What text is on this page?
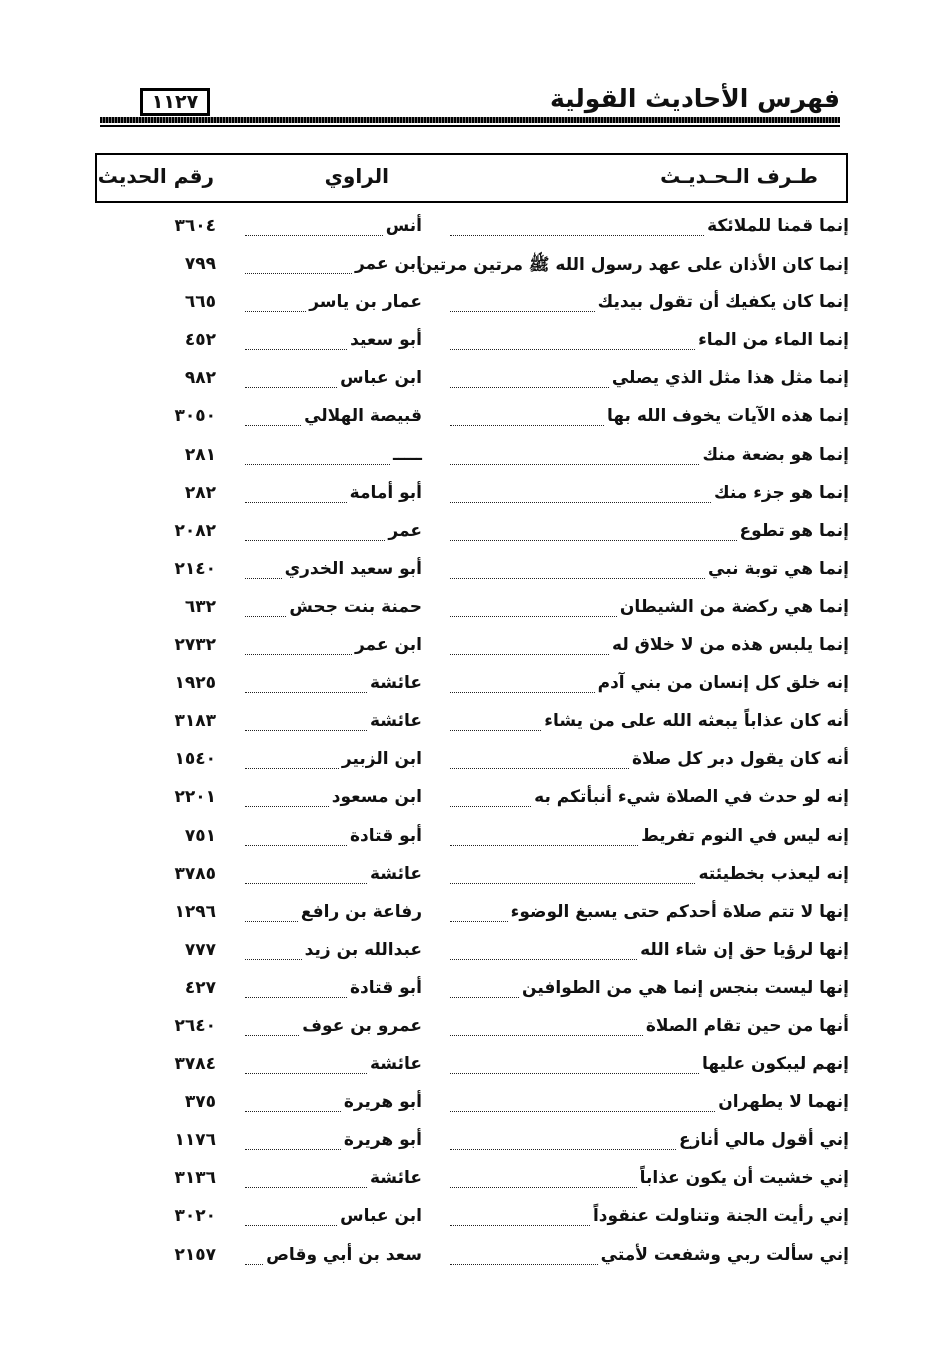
فهرس الأحاديث القولية
١١٢٧
طـرف الـحـديـث
الراوي
رقم الحديث
إنما قمنا للملائكة
أنس
٣٦٠٤
إنما كان الأذان على عهد رسول الله ﷺ مرتين مرتين
ابن عمر
٧٩٩
إنما كان يكفيك أن تقول بيديك
عمار بن ياسر
٦٦٥
إنما الماء من الماء
أبو سعيد
٤٥٢
إنما مثل هذا مثل الذي يصلي
ابن عباس
٩٨٢
إنما هذه الآيات يخوف الله بها
قبيصة الهلالي
٣٠٥٠
إنما هو بضعة منك
ـــــ
٢٨١
إنما هو جزء منك
أبو أمامة
٢٨٢
إنما هو تطوع
عمر
٢٠٨٢
إنما هي توبة نبي
أبو سعيد الخدري
٢١٤٠
إنما هي ركضة من الشيطان
حمنة بنت جحش
٦٣٢
إنما يلبس هذه من لا خلاق له
ابن عمر
٢٧٣٢
إنه خلق كل إنسان من بني آدم
عائشة
١٩٢٥
أنه كان عذاباً يبعثه الله على من يشاء
عائشة
٣١٨٣
أنه كان يقول دبر كل صلاة
ابن الزبير
١٥٤٠
إنه لو حدث في الصلاة شيء أنبأتكم به
ابن مسعود
٢٢٠١
إنه ليس في النوم تفريط
أبو قتادة
٧٥١
إنه ليعذب بخطيئته
عائشة
٣٧٨٥
إنها لا تتم صلاة أحدكم حتى يسبغ الوضوء
رفاعة بن رافع
١٢٩٦
إنها لرؤيا حق إن شاء الله
عبدالله بن زيد
٧٧٧
إنها ليست بنجس إنما هي من الطوافين
أبو قتادة
٤٢٧
أنها من حين تقام الصلاة
عمرو بن عوف
٢٦٤٠
إنهم ليبكون عليها
عائشة
٣٧٨٤
إنهما لا يطهران
أبو هريرة
٣٧٥
إني أقول مالي أنازع
أبو هريرة
١١٧٦
إني خشيت أن يكون عذاباً
عائشة
٣١٣٦
إني رأيت الجنة وتناولت عنقوداً
ابن عباس
٣٠٢٠
إني سألت ربي وشفعت لأمتي
سعد بن أبي وقاص
٢١٥٧
